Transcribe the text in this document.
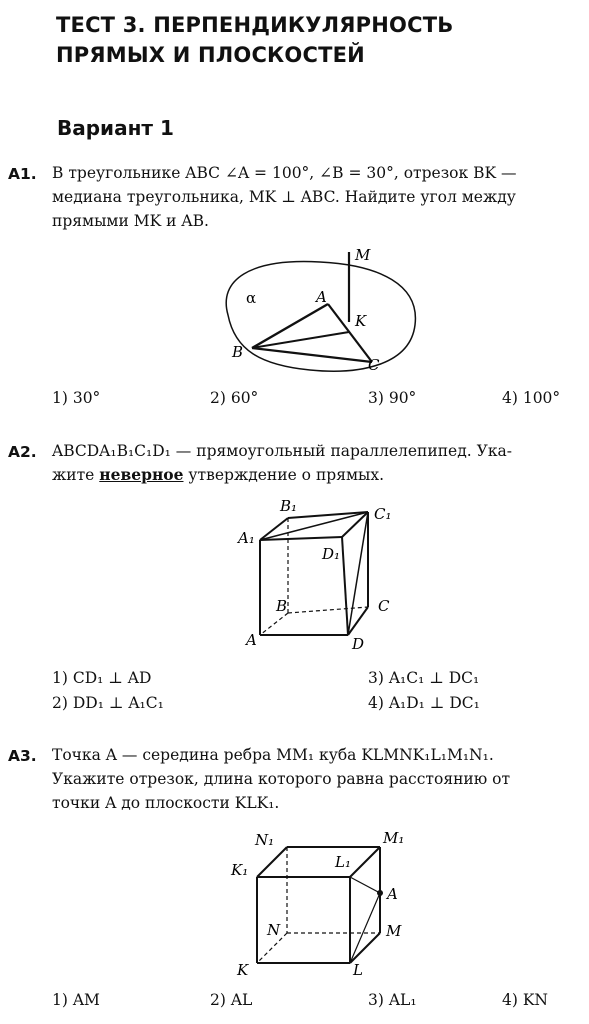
ТЕСТ 3. ПЕРПЕНДИКУЛЯРНОСТЬ
ПРЯМЫХ И ПЛОСКОСТЕЙ
Вариант 1
A1. В треугольнике ABC ∠A = 100°, ∠B = 30°, отрезок BK —
медиана треугольника, MK ⊥ ABC. Найдите угол между
прямыми MK и AB.
M
A
K
B
C
α
1) 30°	2) 60°	3) 90°	4) 100°
A2. ABCDA₁B₁C₁D₁ — прямоугольный параллелепипед. Ука-
жите неверное утверждение о прямых.
B₁	C₁
A₁
D₁
B	C
A	D
1) CD₁ ⊥ AD	3) A₁C₁ ⊥ DC₁
2) DD₁ ⊥ A₁C₁	4) A₁D₁ ⊥ DC₁
A3. Точка A — середина ребра MM₁ куба KLMNK₁L₁M₁N₁.
Укажите отрезок, длина которого равна расстоянию от
точки A до плоскости KLK₁.
N₁	M₁
L₁
K₁
A
N	M
K	L
1) AM	2) AL	3) AL₁	4) KN
